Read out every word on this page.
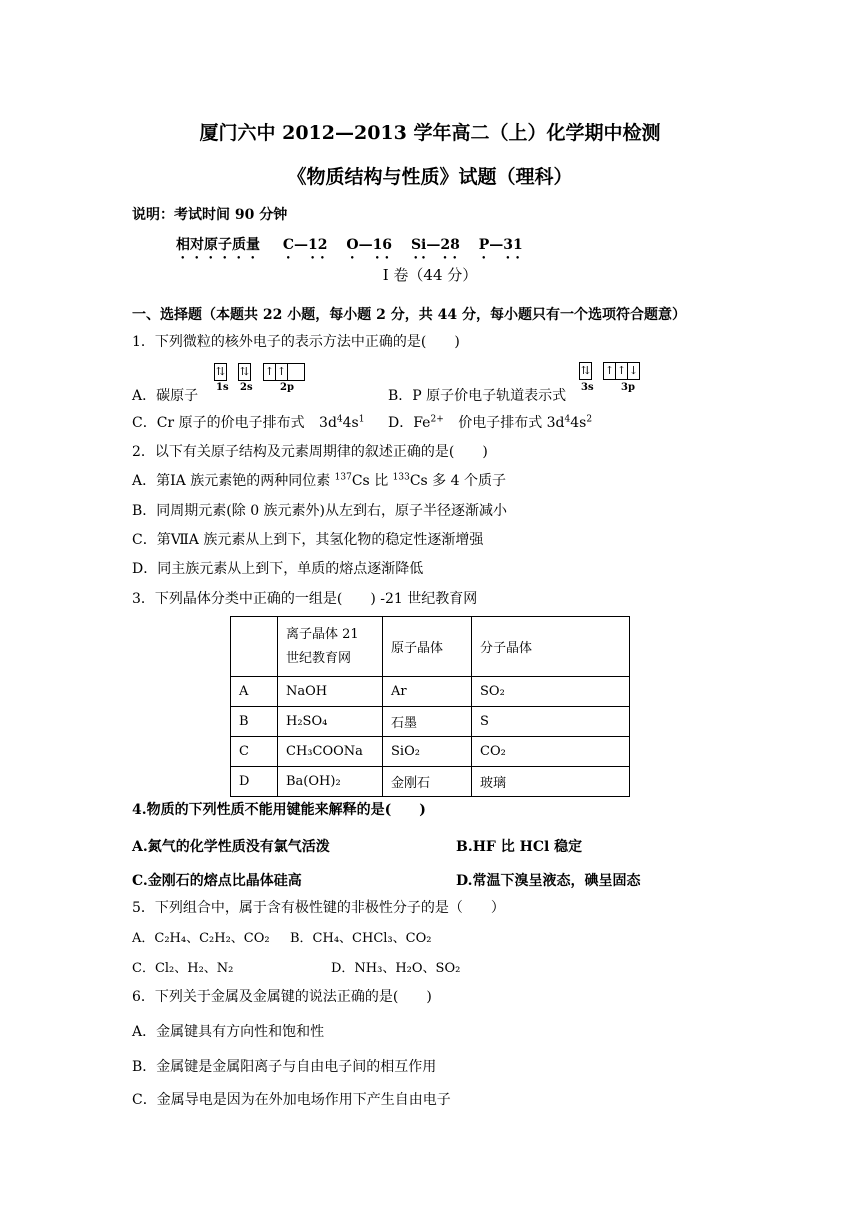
厦门六中 2012—2013 学年高二（上）化学期中检测
《物质结构与性质》试题（理科）
说明：考试时间 90 分钟
相对原子质量 C—12 O—16 Si—28 P—31
Ⅰ 卷（44 分）
一、选择题（本题共 22 小题，每小题 2 分，共 44 分，每小题只有一个选项符合题意）
1．下列微粒的核外电子的表示方法中正确的是(　　)
A．碳原子
⇅ ⇅ ↑ ↑
1s 2s	2p
B．P 原子价电子轨道表示式
⇅ ↑ ↑ ↓
3s	3p
C．Cr 原子的价电子排布式 $3d^44s^1$ D．$Fe^{2+}$ 价电子排布式 $3d^44s^2$
2．以下有关原子结构及元素周期律的叙述正确的是(　　)
A．第ⅠA 族元素铯的两种同位素 $^{137}$Cs 比 $^{133}$Cs 多 4 个质子
B．同周期元素(除 0 族元素外)从左到右，原子半径逐渐减小
C．第ⅦA 族元素从上到下，其氢化物的稳定性逐渐增强
D．同主族元素从上到下，单质的熔点逐渐降低
3．下列晶体分类中正确的一组是(　　) -21 世纪教育网
	离子晶体 21 世纪教育网	原子晶体	分子晶体
A	NaOH	Ar	SO₂
B	H₂SO₄	石墨	S
C	CH₃COONa	SiO₂	CO₂
D	Ba(OH)₂	金刚石	玻璃
4.物质的下列性质不能用键能来解释的是(　　)
A.氮气的化学性质没有氯气活泼	B.HF 比 HCl 稳定
C.金刚石的熔点比晶体硅高	D.常温下溴呈液态，碘呈固态
5．下列组合中，属于含有极性键的非极性分子的是（　　）
A．C₂H₄、C₂H₂、CO₂ B．CH₄、CHCl₃、CO₂
C．Cl₂、H₂、N₂	D．NH₃、H₂O、SO₂
6．下列关于金属及金属键的说法正确的是(　　)
A．金属键具有方向性和饱和性
B．金属键是金属阳离子与自由电子间的相互作用
C．金属导电是因为在外加电场作用下产生自由电子
